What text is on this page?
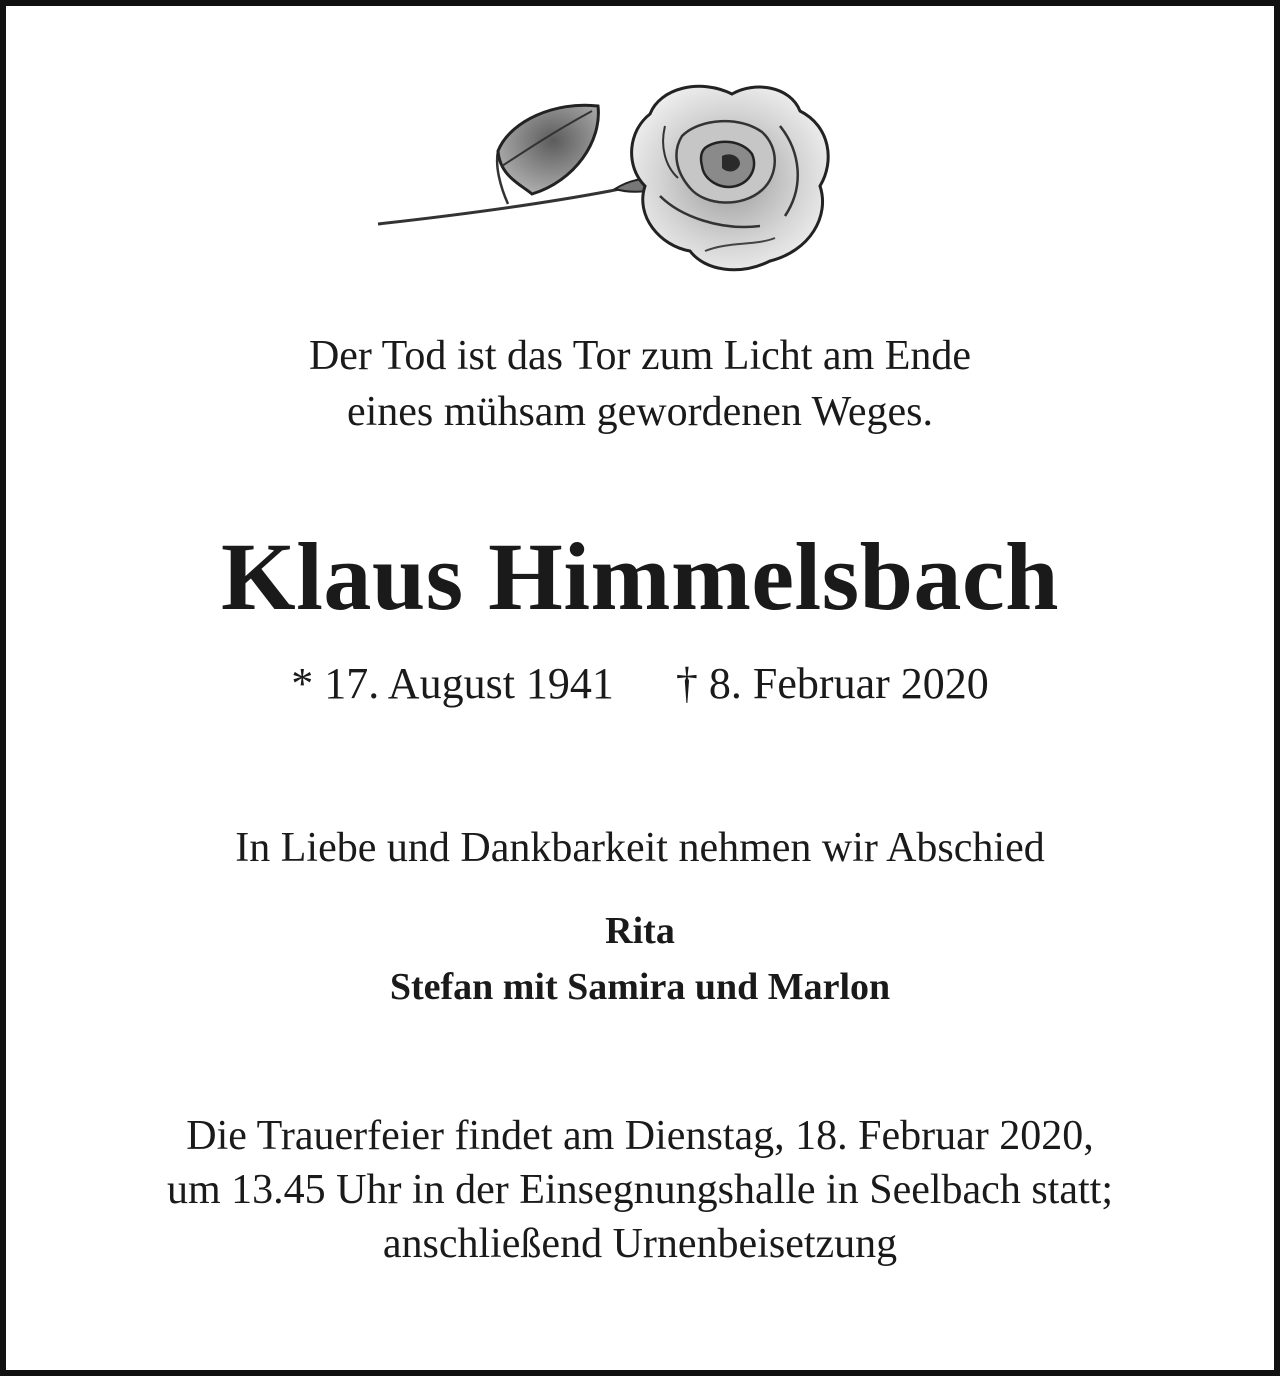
Der Tod ist das Tor zum Licht am Ende
eines mühsam gewordenen Weges.
Klaus Himmelsbach
* 17. August 1941 † 8. Februar 2020
In Liebe und Dankbarkeit nehmen wir Abschied
Rita
Stefan mit Samira und Marlon
Die Trauerfeier findet am Dienstag, 18. Februar 2020,
um 13.45 Uhr in der Einsegnungshalle in Seelbach statt;
anschließend Urnenbeisetzung
